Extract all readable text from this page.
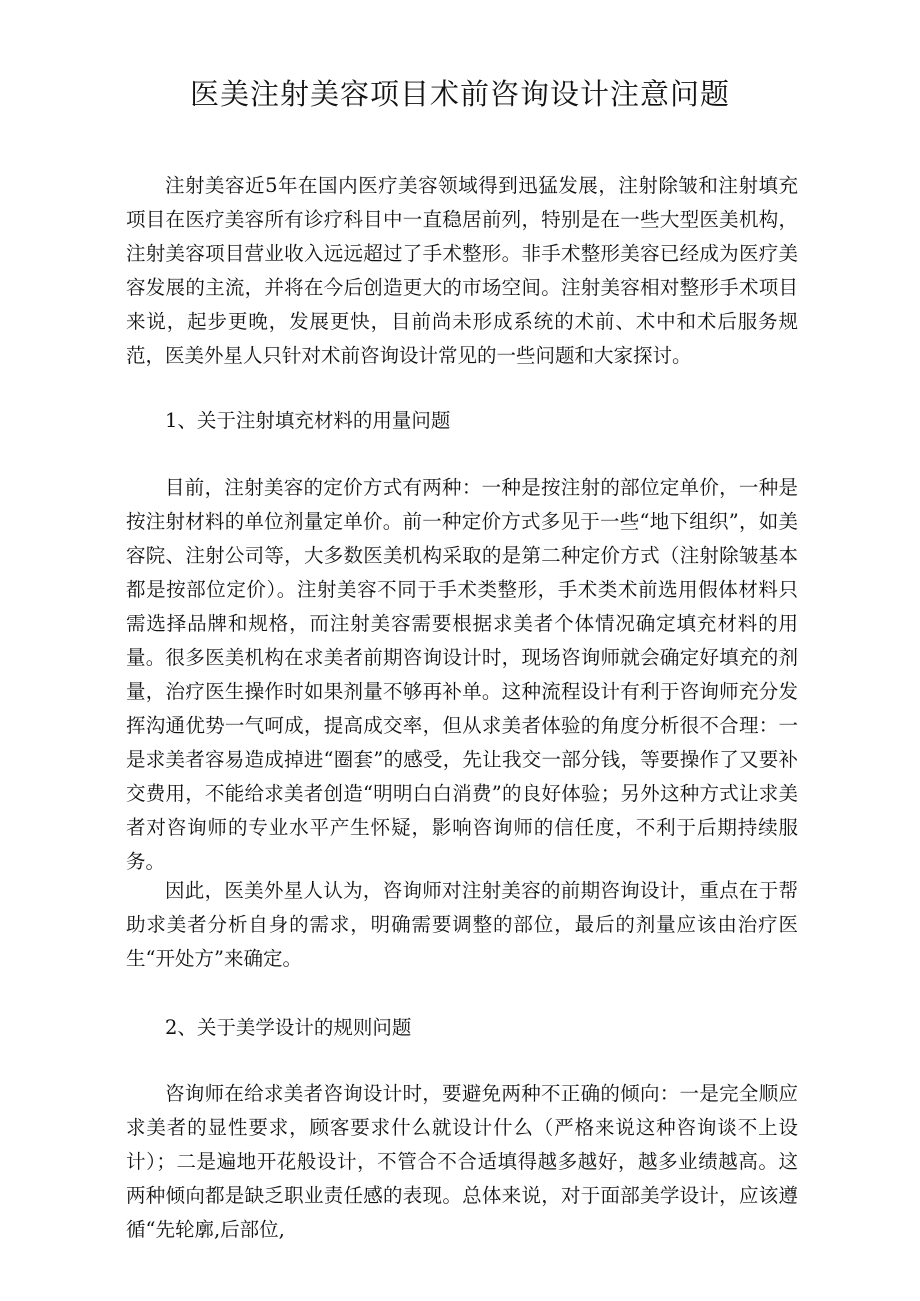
医美注射美容项目术前咨询设计注意问题

注射美容近5年在国内医疗美容领域得到迅猛发展，注射除皱和注射填充项目在医疗美容所有诊疗科目中一直稳居前列，特别是在一些大型医美机构，注射美容项目营业收入远远超过了手术整形。非手术整形美容已经成为医疗美容发展的主流，并将在今后创造更大的市场空间。注射美容相对整形手术项目来说，起步更晚，发展更快，目前尚未形成系统的术前、术中和术后服务规范，医美外星人只针对术前咨询设计常见的一些问题和大家探讨。

1、关于注射填充材料的用量问题

目前，注射美容的定价方式有两种：一种是按注射的部位定单价，一种是按注射材料的单位剂量定单价。前一种定价方式多见于一些“地下组织”，如美容院、注射公司等，大多数医美机构采取的是第二种定价方式（注射除皱基本都是按部位定价）。注射美容不同于手术类整形，手术类术前选用假体材料只需选择品牌和规格，而注射美容需要根据求美者个体情况确定填充材料的用量。很多医美机构在求美者前期咨询设计时，现场咨询师就会确定好填充的剂量，治疗医生操作时如果剂量不够再补单。这种流程设计有利于咨询师充分发挥沟通优势一气呵成，提高成交率，但从求美者体验的角度分析很不合理：一是求美者容易造成掉进“圈套”的感受，先让我交一部分钱，等要操作了又要补交费用，不能给求美者创造“明明白白消费”的良好体验；另外这种方式让求美者对咨询师的专业水平产生怀疑，影响咨询师的信任度，不利于后期持续服务。

因此，医美外星人认为，咨询师对注射美容的前期咨询设计，重点在于帮助求美者分析自身的需求，明确需要调整的部位，最后的剂量应该由治疗医生“开处方”来确定。

2、关于美学设计的规则问题

咨询师在给求美者咨询设计时，要避免两种不正确的倾向：一是完全顺应求美者的显性要求，顾客要求什么就设计什么（严格来说这种咨询谈不上设计）；二是遍地开花般设计，不管合不合适填得越多越好，越多业绩越高。这两种倾向都是缺乏职业责任感的表现。总体来说，对于面部美学设计，应该遵循“先轮廓,后部位,
